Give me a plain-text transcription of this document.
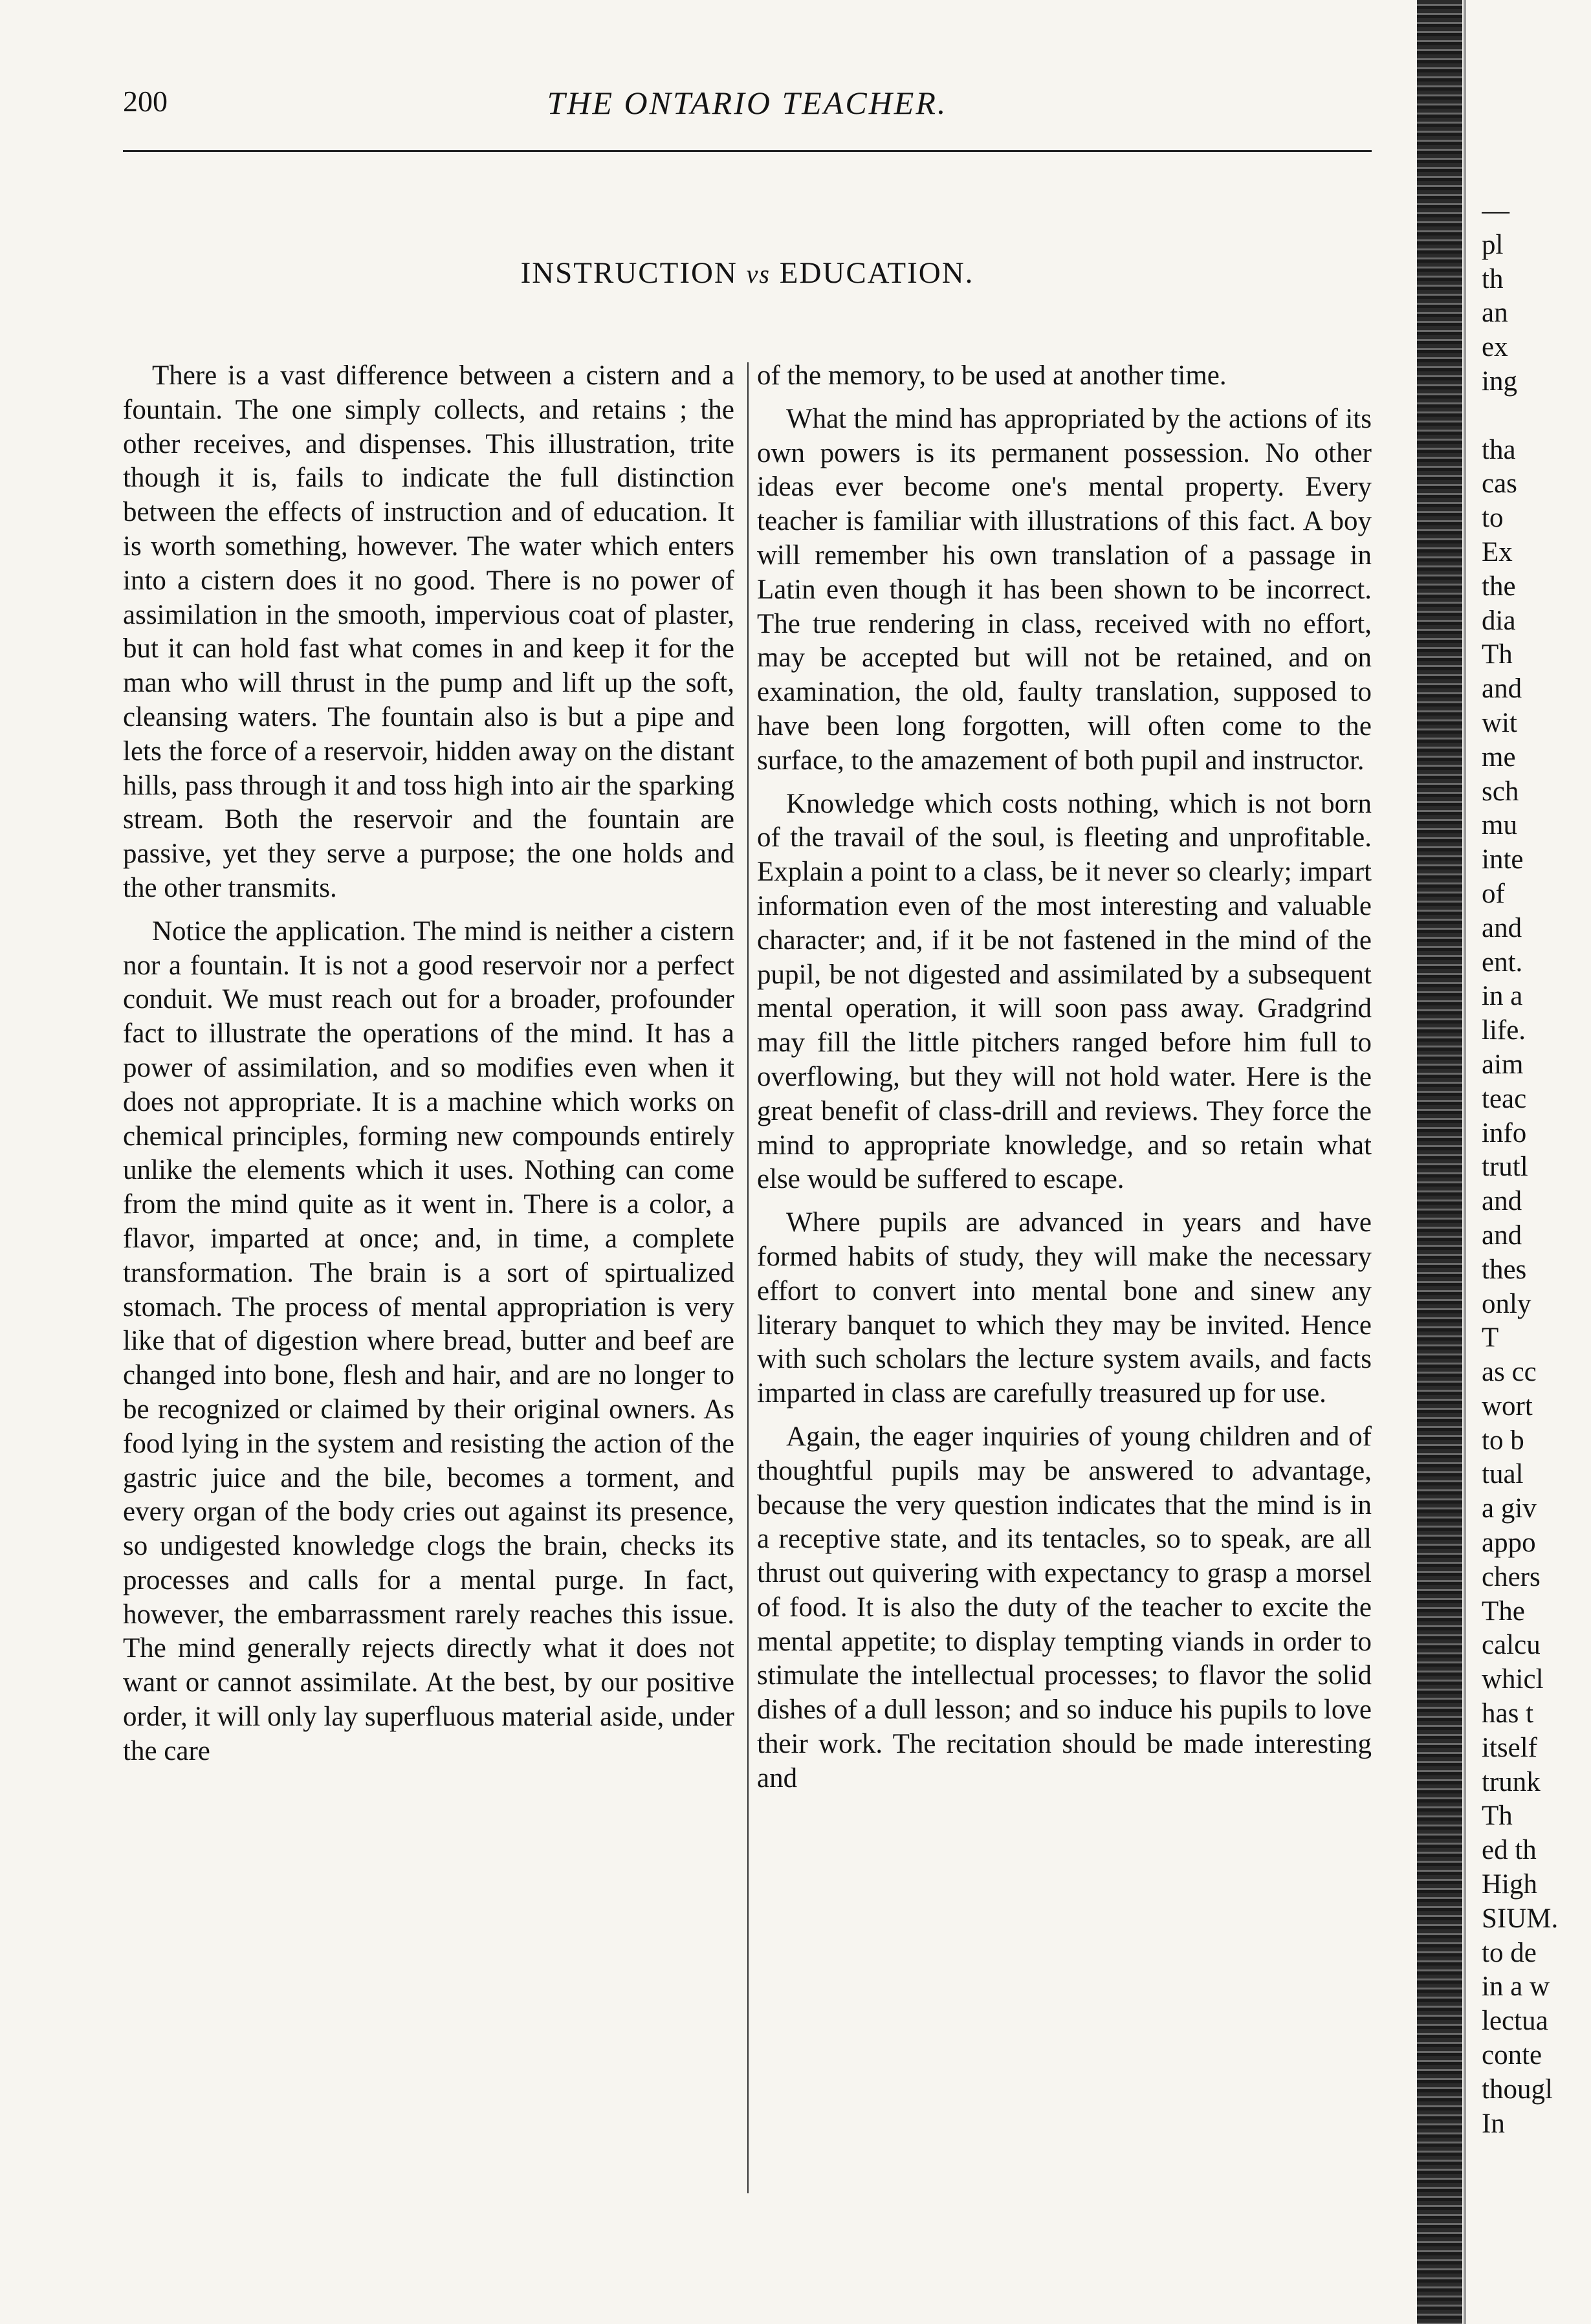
200	THE ONTARIO TEACHER.
INSTRUCTION vs EDUCATION.

There is a vast difference between a cistern and a fountain. The one simply collects, and retains ; the other receives, and dispenses. This illustration, trite though it is, fails to indicate the full distinction between the effects of instruction and of education. It is worth something, however. The water which enters into a cistern does it no good. There is no power of assimilation in the smooth, impervious coat of plaster, but it can hold fast what comes in and keep it for the man who will thrust in the pump and lift up the soft, cleansing waters. The fountain also is but a pipe and lets the force of a reservoir, hidden away on the distant hills, pass through it and toss high into air the sparking stream. Both the reservoir and the fountain are passive, yet they serve a purpose; the one holds and the other transmits.

Notice the application. The mind is neither a cistern nor a fountain. It is not a good reservoir nor a perfect conduit. We must reach out for a broader, profounder fact to illustrate the operations of the mind. It has a power of assimilation, and so modifies even when it does not appropriate. It is a machine which works on chemical principles, forming new compounds entirely unlike the elements which it uses. Nothing can come from the mind quite as it went in. There is a color, a flavor, imparted at once; and, in time, a complete transformation. The brain is a sort of spirtualized stomach. The process of mental appropriation is very like that of digestion where bread, butter and beef are changed into bone, flesh and hair, and are no longer to be recognized or claimed by their original owners. As food lying in the system and resisting the action of the gastric juice and the bile, becomes a torment, and every organ of the body cries out against its presence, so undigested knowledge clogs the brain, checks its processes and calls for a mental purge. In fact, however, the embarrassment rarely reaches this issue. The mind generally rejects directly what it does not want or cannot assimilate. At the best, by our positive order, it will only lay superfluous material aside, under the care

of the memory, to be used at another time.

What the mind has appropriated by the actions of its own powers is its permanent possession. No other ideas ever become one's mental property. Every teacher is familiar with illustrations of this fact. A boy will remember his own translation of a passage in Latin even though it has been shown to be incorrect. The true rendering in class, received with no effort, may be accepted but will not be retained, and on examination, the old, faulty translation, supposed to have been long forgotten, will often come to the surface, to the amazement of both pupil and instructor.

Knowledge which costs nothing, which is not born of the travail of the soul, is fleeting and unprofitable. Explain a point to a class, be it never so clearly; impart information even of the most interesting and valuable character; and, if it be not fastened in the mind of the pupil, be not digested and assimilated by a subsequent mental operation, it will soon pass away. Gradgrind may fill the little pitchers ranged before him full to overflowing, but they will not hold water. Here is the great benefit of class-drill and reviews. They force the mind to appropriate knowledge, and so retain what else would be suffered to escape.

Where pupils are advanced in years and have formed habits of study, they will make the necessary effort to convert into mental bone and sinew any literary banquet to which they may be invited. Hence with such scholars the lecture system avails, and facts imparted in class are carefully treasured up for use.

Again, the eager inquiries of young children and of thoughtful pupils may be answered to advantage, because the very question indicates that the mind is in a receptive state, and its tentacles, so to speak, are all thrust out quivering with expectancy to grasp a morsel of food. It is also the duty of the teacher to excite the mental appetite; to display tempting viands in order to stimulate the intellectual processes; to flavor the solid dishes of a dull lesson; and so induce his pupils to love their work. The recitation should be made interesting and

—
pl
th
an
ex
ing

tha
cas
to
Ex
the
dia
Th
and
wit
me
sch
mu
inte
of
and
ent.
in a
life.
aim
teac
info
trutl
and
and
thes
only
T
as cc
wort
to b
tual
a giv
appo
chers
The
calcu
whicl
has t
itself
trunk
Th
ed th
High
SIUM.
to de
in a w
lectua
conte
thougl
In
